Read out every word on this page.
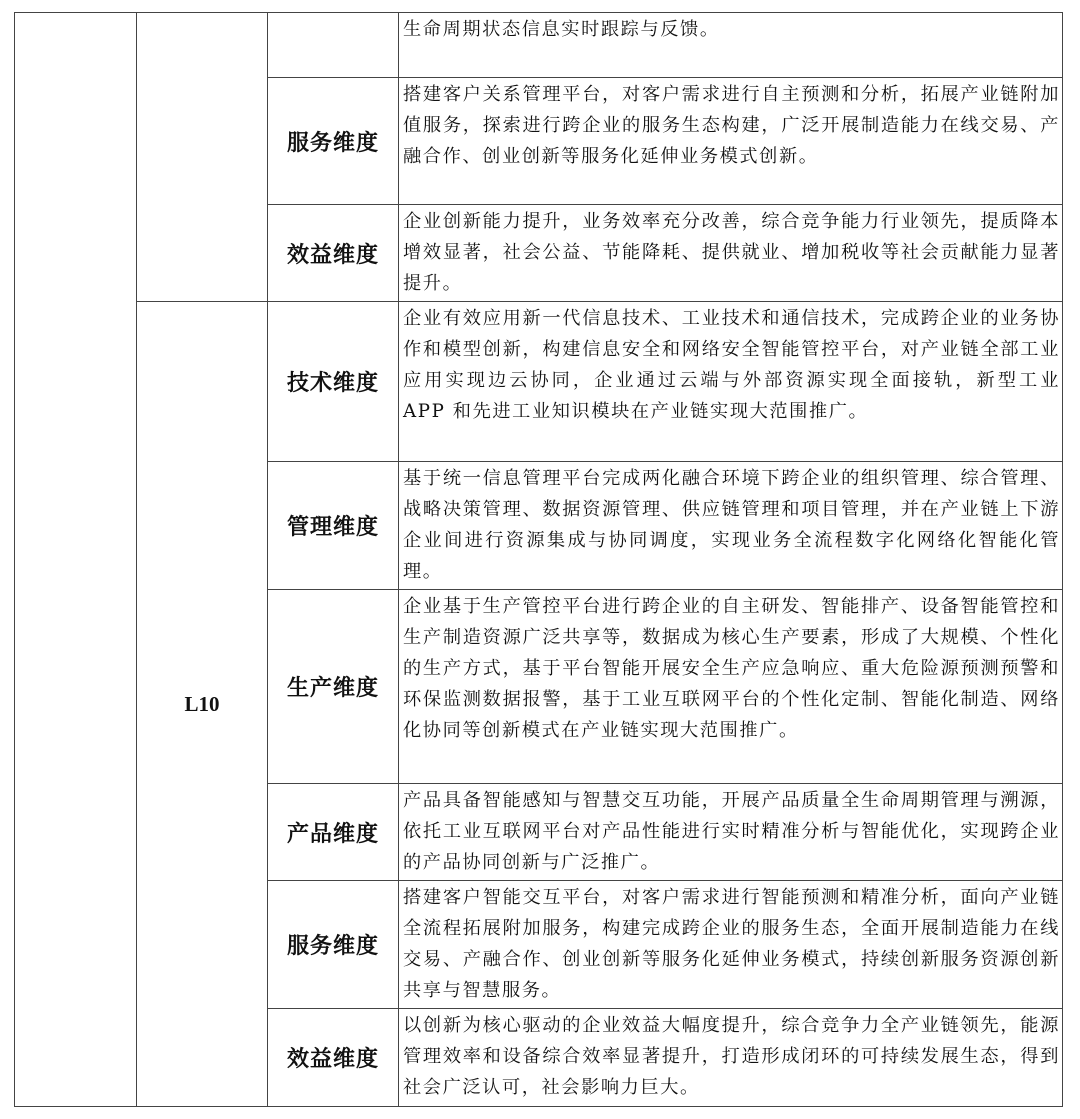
			生命周期状态信息实时跟踪与反馈。

		服务维度	搭建客户关系管理平台，对客户需求进行自主预测和分析，拓展产业链附加值服务，探索进行跨企业的服务生态构建，广泛开展制造能力在线交易、产融合作、创业创新等服务化延伸业务模式创新。

		效益维度	企业创新能力提升，业务效率充分改善，综合竞争能力行业领先，提质降本增效显著，社会公益、节能降耗、提供就业、增加税收等社会贡献能力显著提升。

	L10	技术维度	企业有效应用新一代信息技术、工业技术和通信技术，完成跨企业的业务协作和模型创新，构建信息安全和网络安全智能管控平台，对产业链全部工业应用实现边云协同，企业通过云端与外部资源实现全面接轨，新型工业 APP 和先进工业知识模块在产业链实现大范围推广。

		管理维度	基于统一信息管理平台完成两化融合环境下跨企业的组织管理、综合管理、战略决策管理、数据资源管理、供应链管理和项目管理，并在产业链上下游企业间进行资源集成与协同调度，实现业务全流程数字化网络化智能化管理。

		生产维度	企业基于生产管控平台进行跨企业的自主研发、智能排产、设备智能管控和生产制造资源广泛共享等，数据成为核心生产要素，形成了大规模、个性化的生产方式，基于平台智能开展安全生产应急响应、重大危险源预测预警和环保监测数据报警，基于工业互联网平台的个性化定制、智能化制造、网络化协同等创新模式在产业链实现大范围推广。

		产品维度	产品具备智能感知与智慧交互功能，开展产品质量全生命周期管理与溯源，依托工业互联网平台对产品性能进行实时精准分析与智能优化，实现跨企业的产品协同创新与广泛推广。

		服务维度	搭建客户智能交互平台，对客户需求进行智能预测和精准分析，面向产业链全流程拓展附加服务，构建完成跨企业的服务生态，全面开展制造能力在线交易、产融合作、创业创新等服务化延伸业务模式，持续创新服务资源创新共享与智慧服务。

		效益维度	以创新为核心驱动的企业效益大幅度提升，综合竞争力全产业链领先，能源管理效率和设备综合效率显著提升，打造形成闭环的可持续发展生态，得到社会广泛认可，社会影响力巨大。
